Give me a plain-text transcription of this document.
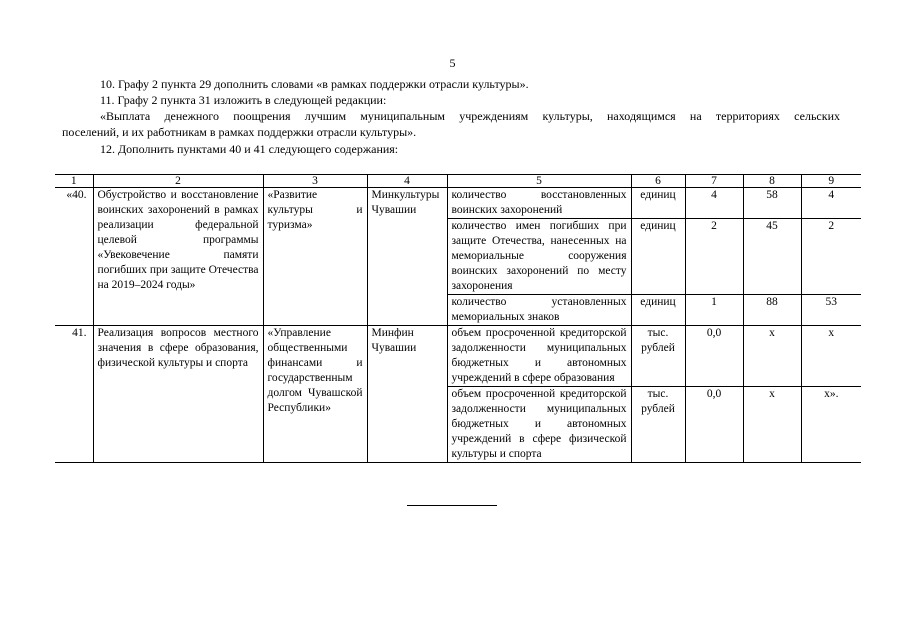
5
10. Графу 2 пункта 29 дополнить словами «в рамках поддержки отрасли культуры».
11. Графу 2 пункта 31 изложить в следующей редакции:
«Выплата денежного поощрения лучшим муниципальным учреждениям культуры, находящимся на территориях сельских
поселений, и их работникам в рамках поддержки отрасли культуры».
12. Дополнить пунктами 40 и 41 следующего содержания:
1	2	3	4	5	6	7	8	9
«40.	Обустройство и восстановление воинских захоронений в рамках реализации федеральной целевой программы «Увековечение памяти погибших при защите Отечества на 2019–2024 годы»	«Развитие культуры и туризма»	Минкультуры Чувашии	количество восстановленных воинских захоронений	единиц	4	58	4
				количество имен погибших при защите Отечества, нанесенных на мемориальные сооружения воинских захоронений по месту захоронения	единиц	2	45	2
				количество установленных мемориальных знаков	единиц	1	88	53
41.	Реализация вопросов местного значения в сфере образования, физической культуры и спорта	«Управление общественными финансами и государственным долгом Чувашской Республики»	Минфин Чувашии	объем просроченной кредиторской задолженности муниципальных бюджетных и автономных учреждений в сфере образования	тыс. рублей	0,0	х	х
				объем просроченной кредиторской задолженности муниципальных бюджетных и автономных учреждений в сфере физической культуры и спорта	тыс. рублей	0,0	х	х».
